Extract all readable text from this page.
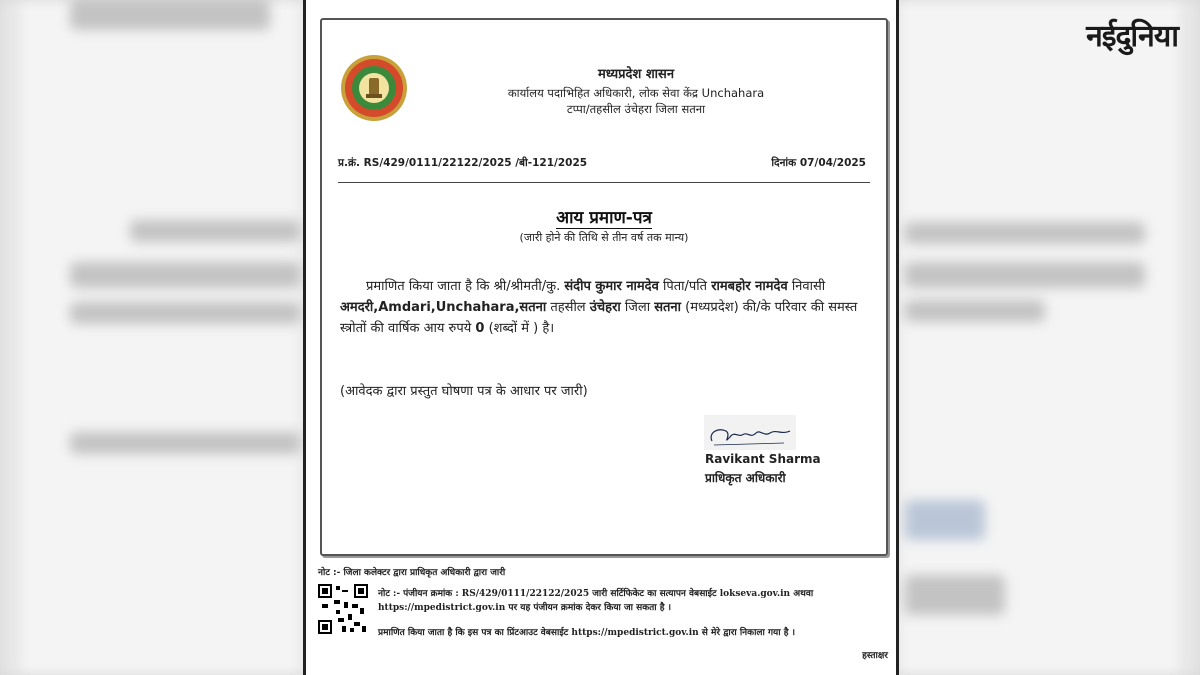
नईदुनिया
मध्यप्रदेश शासन
कार्यालय पदाभिहित अधिकारी, लोक सेवा केंद्र Unchahara
टप्पा/तहसील उंचेहरा जिला सतना
प्र.क्रं. RS/429/0111/22122/2025 /बी-121/2025	दिनांक 07/04/2025
आय प्रमाण-पत्र
(जारी होने की तिथि से तीन वर्ष तक मान्य)
प्रमाणित किया जाता है कि श्री/श्रीमती/कु. संदीप कुमार नामदेव पिता/पति रामबहोर नामदेव निवासी अमदरी,Amdari,Unchahara,सतना तहसील उंचेहरा जिला सतना (मध्यप्रदेश) की/के परिवार की समस्त स्त्रोतों की वार्षिक आय रुपये 0 (शब्दों में ) है।
(आवेदक द्वारा प्रस्तुत घोषणा पत्र के आधार पर जारी)
Ravikant Sharma
प्राधिकृत अधिकारी
नोट :- जिला कलेक्टर द्वारा प्राधिकृत अधिकारी द्वारा जारी
नोट :- पंजीयन क्रमांक : RS/429/0111/22122/2025 जारी सर्टिफिकेट का सत्यापन वेबसाईट lokseva.gov.in अथवा https://mpedistrict.gov.in पर यह पंजीयन क्रमांक देकर किया जा सकता है ।
प्रमाणित किया जाता है कि इस पत्र का प्रिंटआउट वेबसाईट https://mpedistrict.gov.in से मेरे द्वारा निकाला गया है ।
हस्ताक्षर
